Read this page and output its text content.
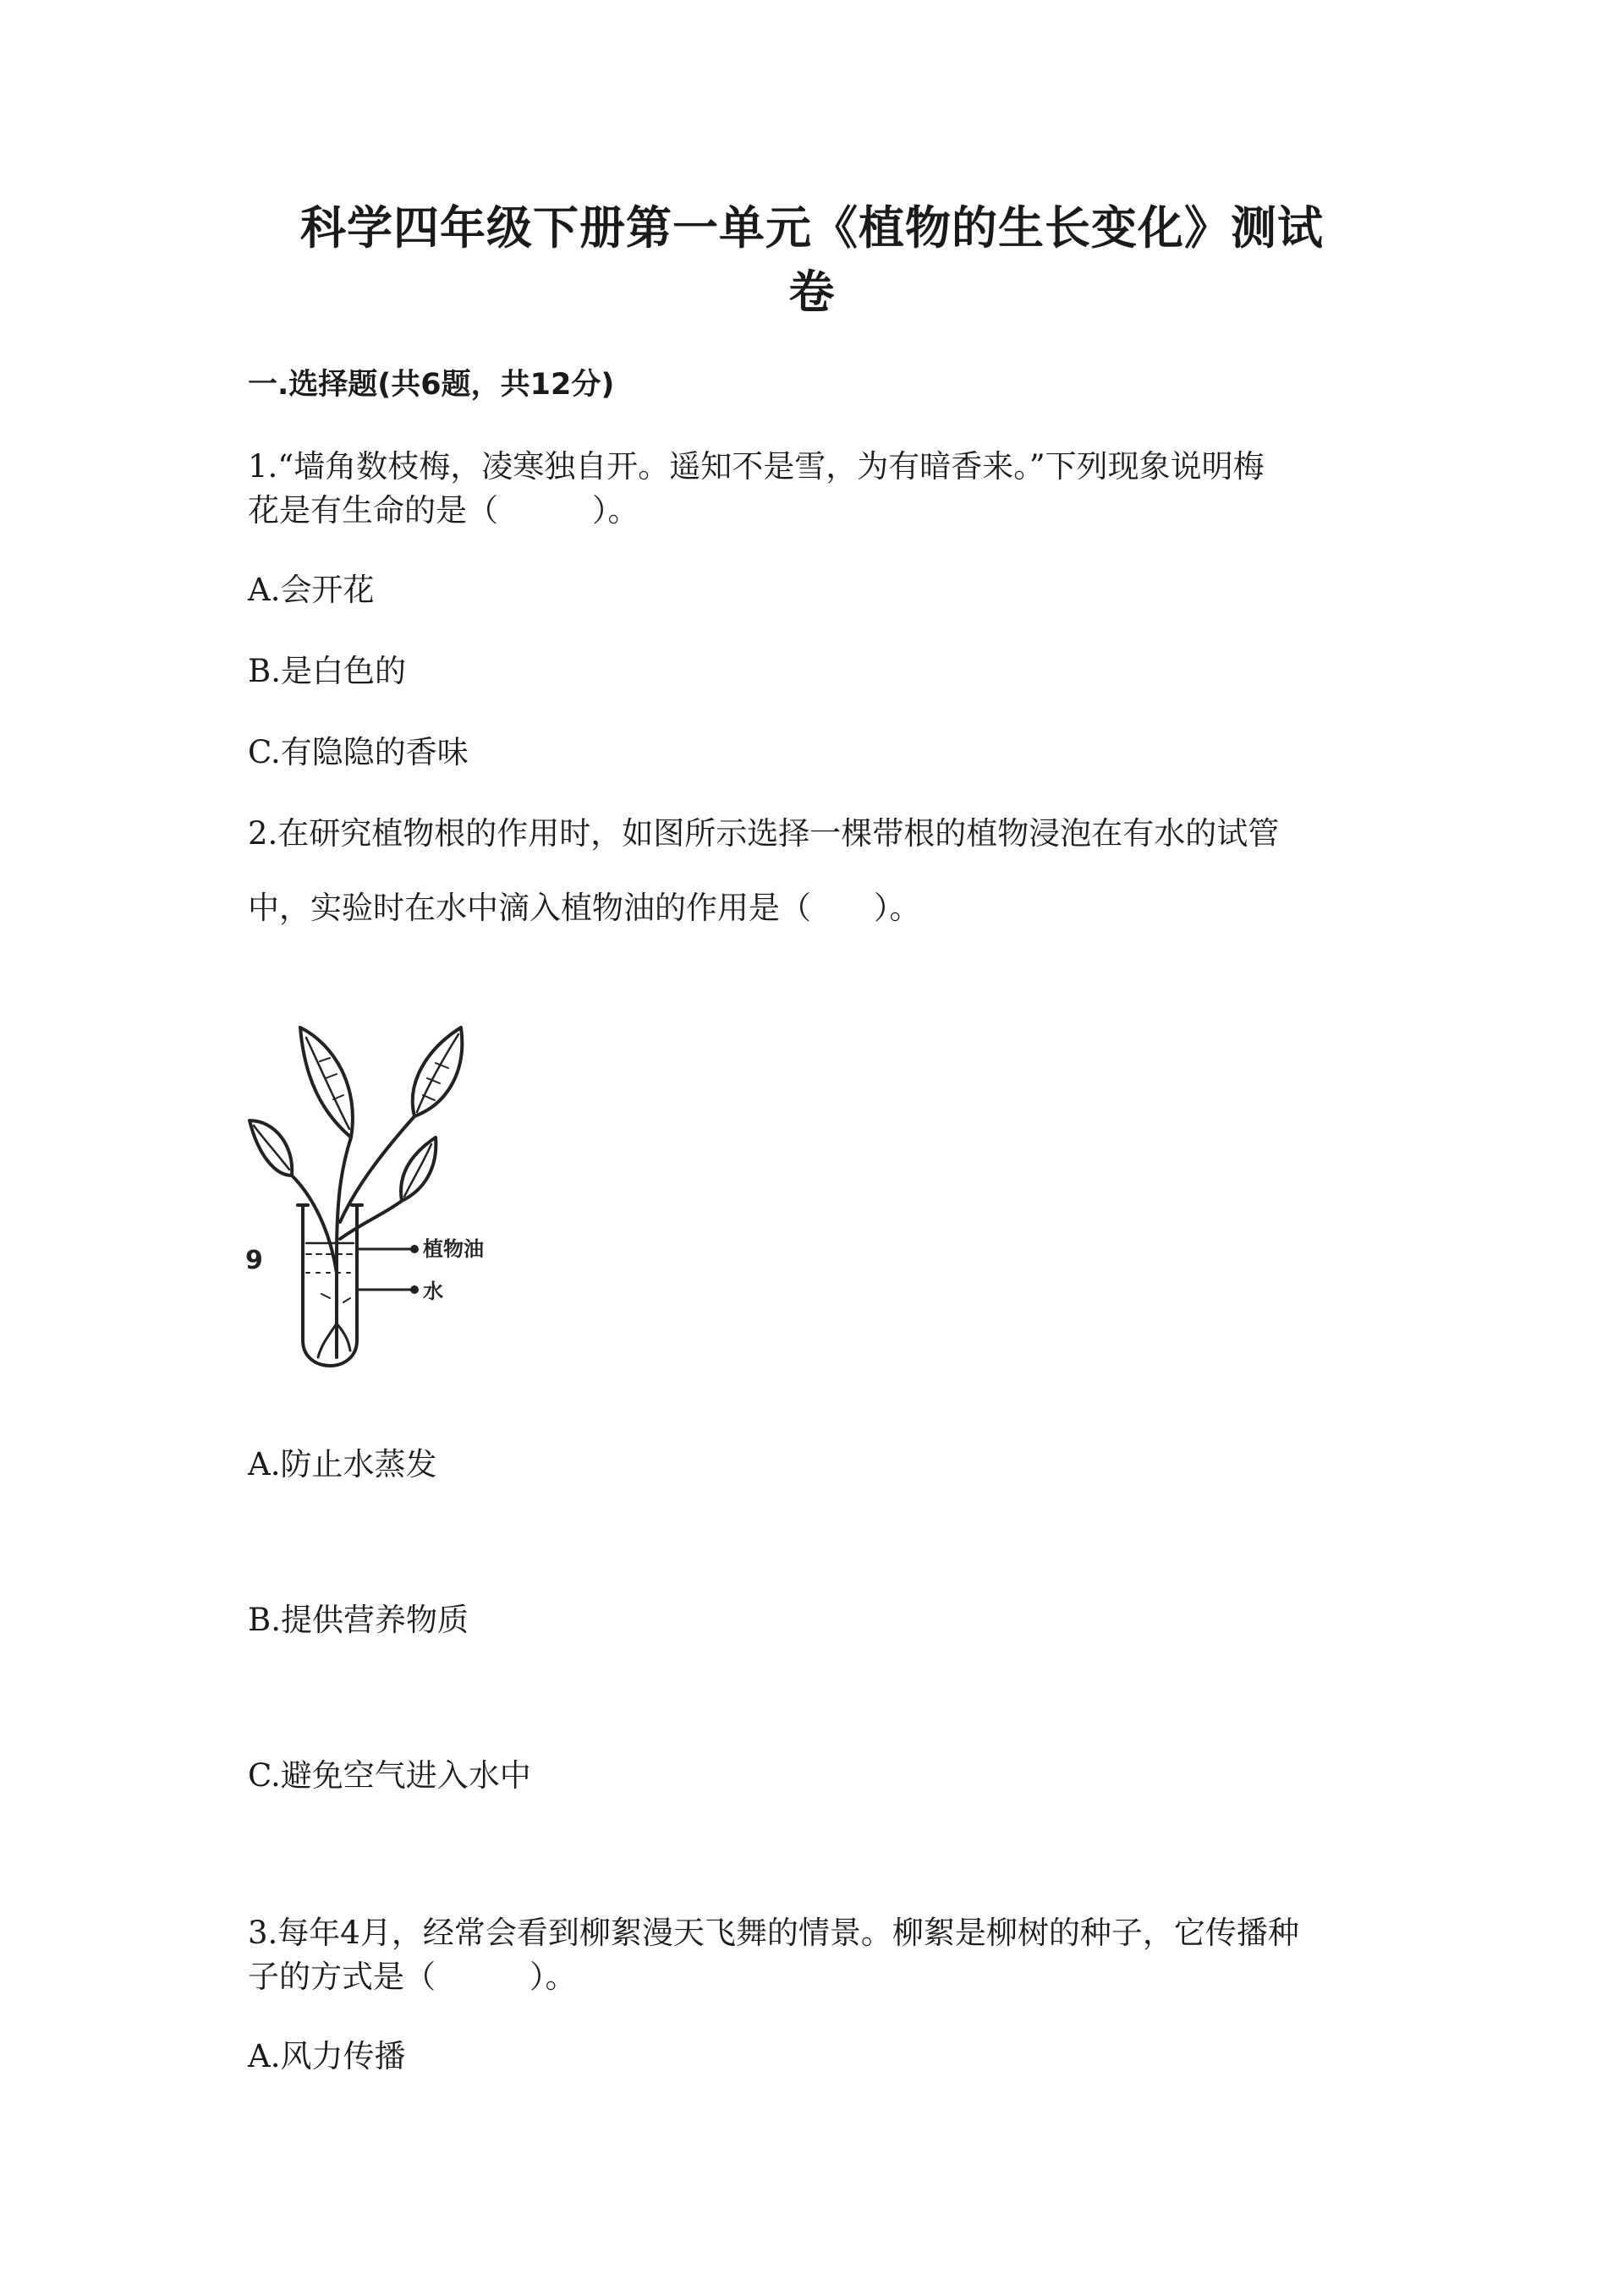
科学四年级下册第一单元《植物的生长变化》测试
卷
一.选择题(共6题，共12分)

1.“墙角数枝梅，凌寒独自开。遥知不是雪，为有暗香来。”下列现象说明梅

花是有生命的是（　　　）。

A.会开花

B.是白色的

C.有隐隐的香味

2.在研究植物根的作用时，如图所示选择一棵带根的植物浸泡在有水的试管

中，实验时在水中滴入植物油的作用是（　　）。

9	植物油
水

A.防止水蒸发

B.提供营养物质

C.避免空气进入水中

3.每年4月，经常会看到柳絮漫天飞舞的情景。柳絮是柳树的种子，它传播种

子的方式是（　　　）。

A.风力传播
